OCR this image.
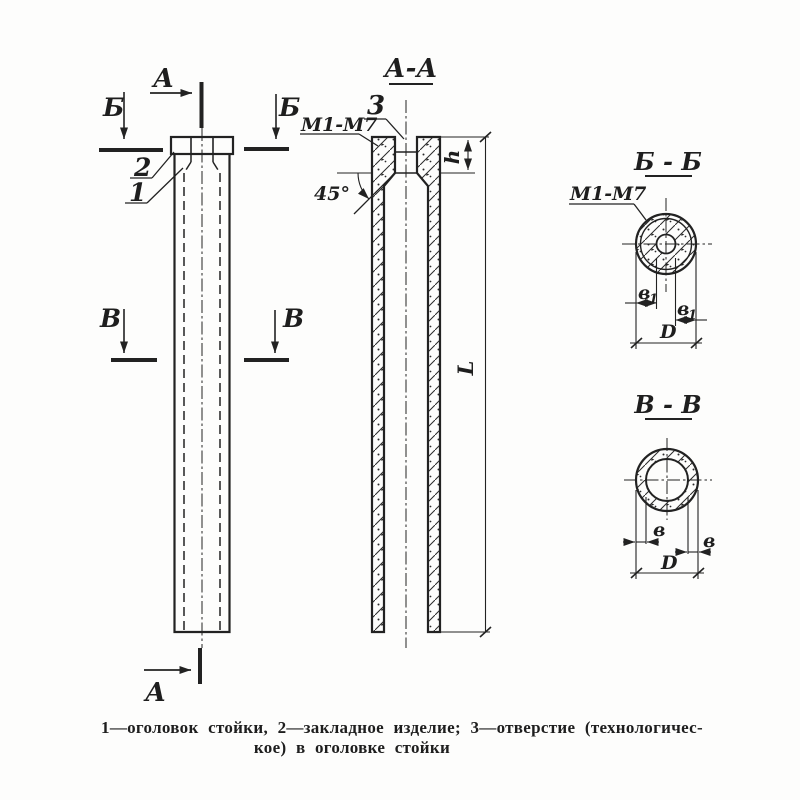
А
А
Б	Б
В	В
2
1
А-А
3
М1-М7
45°
h
L
Б - Б
М1-М7
в
1 в
1
D
В - В
в в
D
1—оголовок стойки, 2—закладное изделие; 3—отверстие (технологичес-
кое) в оголовке стойки
